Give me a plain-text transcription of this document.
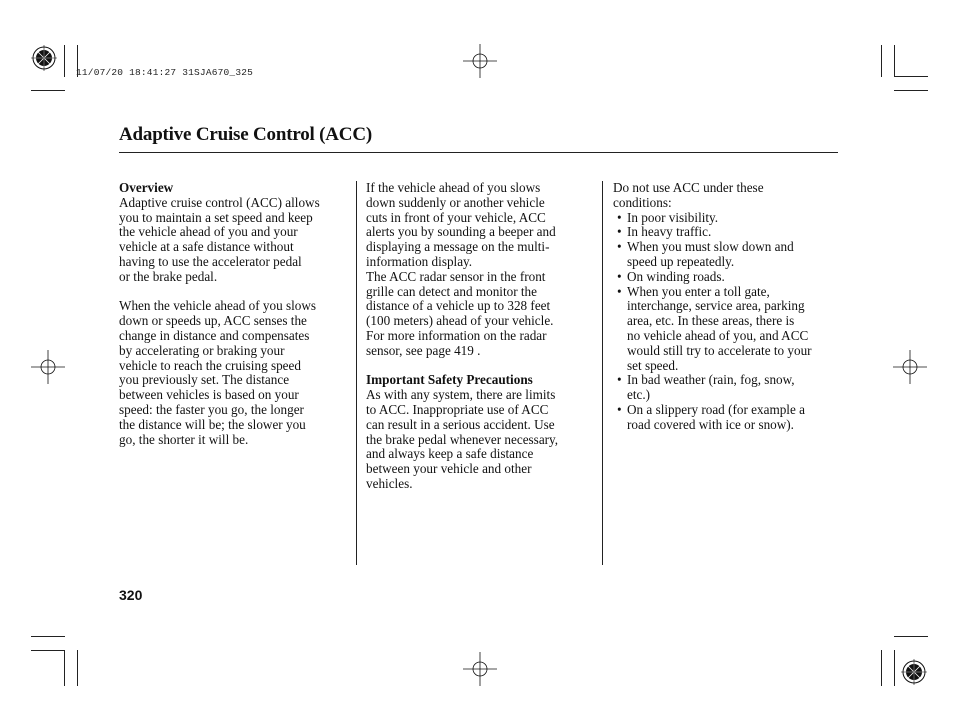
11/07/20 18:41:27 31SJA670_325
Adaptive Cruise Control (ACC)

Overview

Adaptive cruise control (ACC) allows
you to maintain a set speed and keep
the vehicle ahead of you and your
vehicle at a safe distance without
having to use the accelerator pedal
or the brake pedal.

When the vehicle ahead of you slows
down or speeds up, ACC senses the
change in distance and compensates
by accelerating or braking your
vehicle to reach the cruising speed
you previously set. The distance
between vehicles is based on your
speed: the faster you go, the longer
the distance will be; the slower you
go, the shorter it will be.

If the vehicle ahead of you slows
down suddenly or another vehicle
cuts in front of your vehicle, ACC
alerts you by sounding a beeper and
displaying a message on the multi-
information display.

The ACC radar sensor in the front
grille can detect and monitor the
distance of a vehicle up to 328 feet
(100 meters) ahead of your vehicle.
For more information on the radar
sensor, see page 419 .

Important Safety Precautions

As with any system, there are limits
to ACC. Inappropriate use of ACC
can result in a serious accident. Use
the brake pedal whenever necessary,
and always keep a safe distance
between your vehicle and other
vehicles.

Do not use ACC under these
conditions:

• In poor visibility.
• In heavy traffic.
• When you must slow down and
speed up repeatedly.
• On winding roads.
• When you enter a toll gate,
interchange, service area, parking
area, etc. In these areas, there is
no vehicle ahead of you, and ACC
would still try to accelerate to your
set speed.
• In bad weather (rain, fog, snow,
etc.)
• On a slippery road (for example a
road covered with ice or snow).
320
